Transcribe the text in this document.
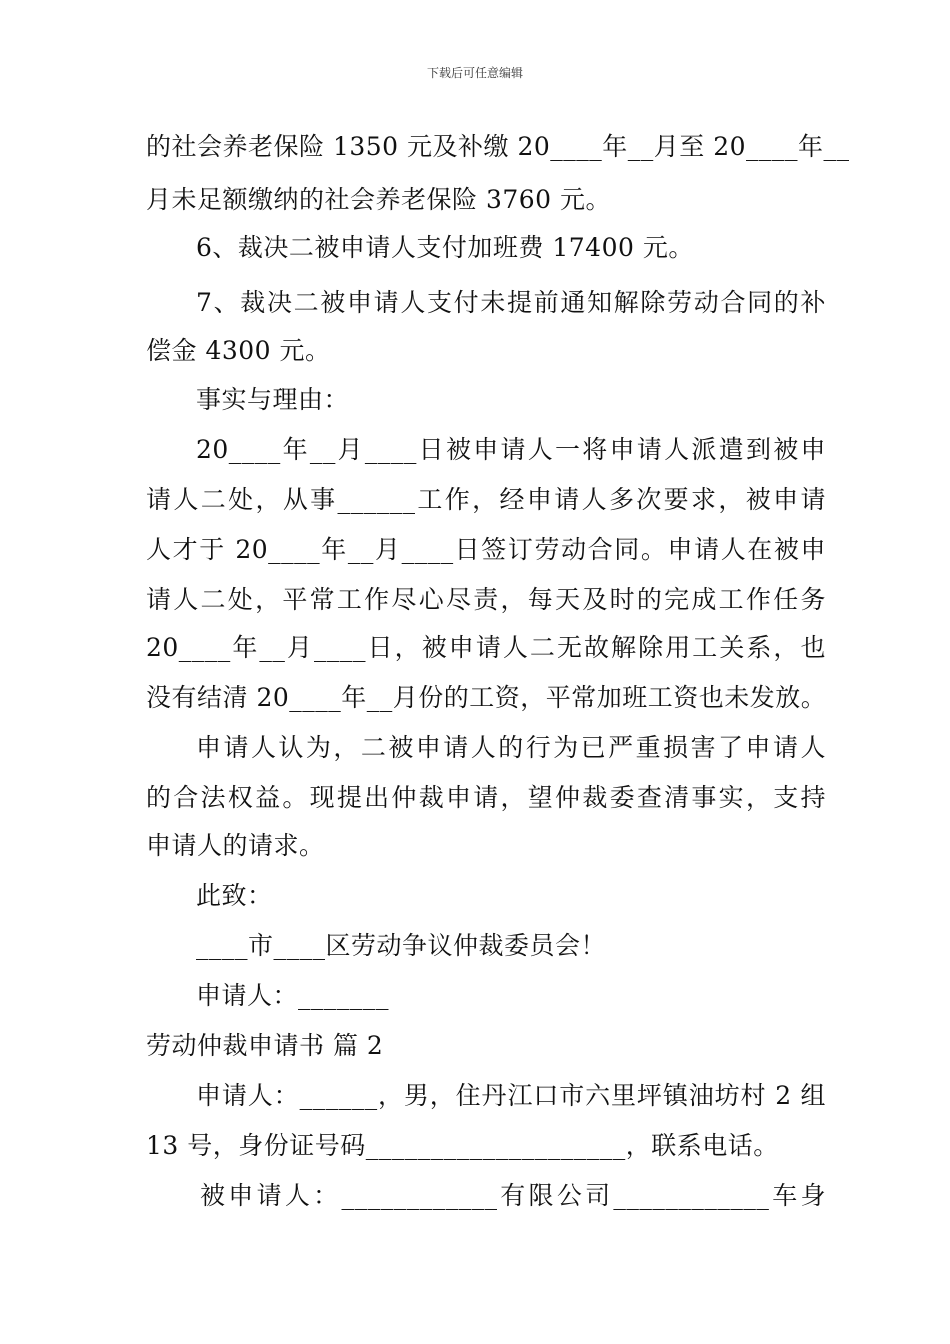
下载后可任意编辑
的社会养老保险 1350 元及补缴 20____年__月至 20____年__
月未足额缴纳的社会养老保险 3760 元。
6、裁决二被申请人支付加班费 17400 元。
7、裁决二被申请人支付未提前通知解除劳动合同的补
偿金 4300 元。
事实与理由：
20____年__月____日被申请人一将申请人派遣到被申
请人二处，从事______工作，经申请人多次要求，被申请
人才于 20____年__月____日签订劳动合同。申请人在被申
请人二处，平常工作尽心尽责，每天及时的完成工作任务
20____年__月____日，被申请人二无故解除用工关系，也
没有结清 20____年__月份的工资，平常加班工资也未发放。
申请人认为，二被申请人的行为已严重损害了申请人
的合法权益。现提出仲裁申请，望仲裁委查清事实，支持
申请人的请求。
此致：
____市____区劳动争议仲裁委员会！
申请人：_______
劳动仲裁申请书 篇 2
申请人：______，男，住丹江口市六里坪镇油坊村 2 组
13 号，身份证号码____________________，联系电话。
被申请人：____________有限公司____________车身
